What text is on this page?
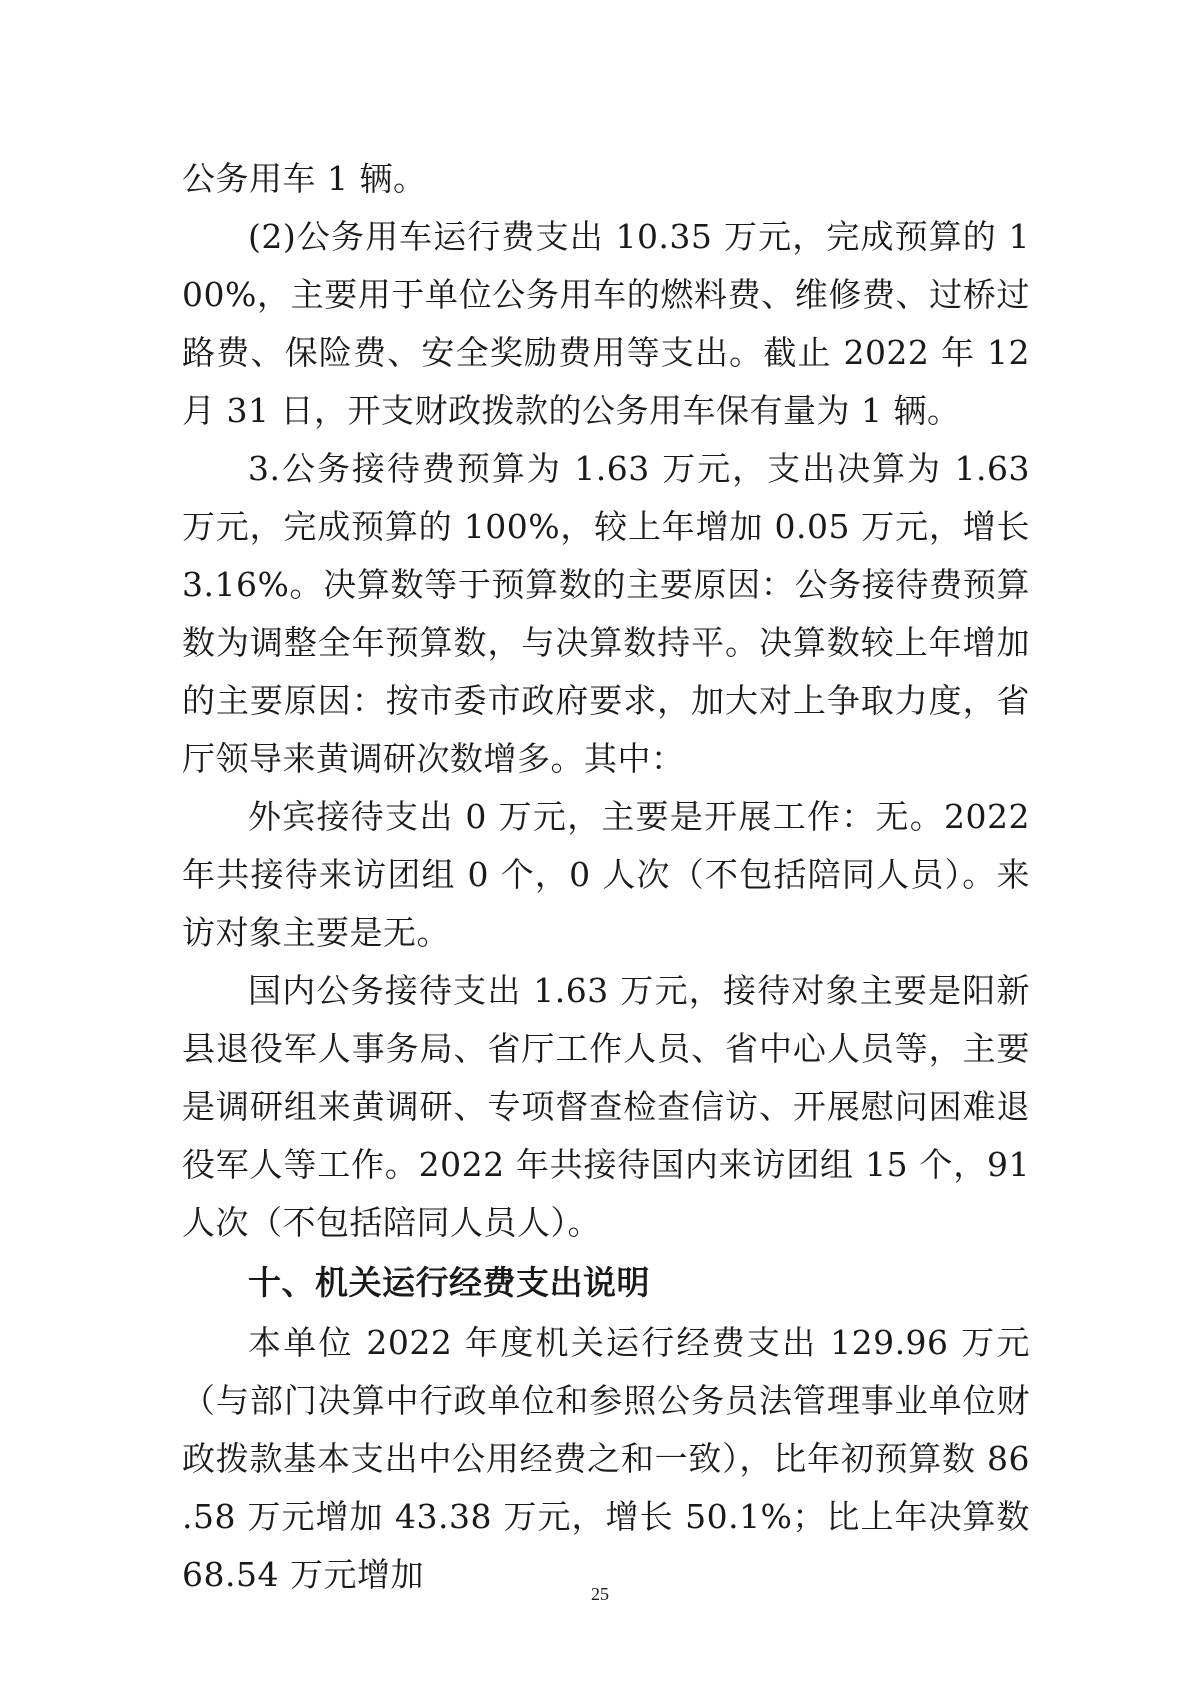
公务用车 1 辆。

(2)公务用车运行费支出 10.35 万元，完成预算的 100%，主要用于单位公务用车的燃料费、维修费、过桥过路费、保险费、安全奖励费用等支出。截止 2022 年 12 月 31 日，开支财政拨款的公务用车保有量为 1 辆。

3.公务接待费预算为 1.63 万元，支出决算为 1.63 万元，完成预算的 100%，较上年增加 0.05 万元，增长 3.16%。决算数等于预算数的主要原因：公务接待费预算数为调整全年预算数，与决算数持平。决算数较上年增加的主要原因：按市委市政府要求，加大对上争取力度，省厅领导来黄调研次数增多。其中：

外宾接待支出 0 万元，主要是开展工作：无。2022 年共接待来访团组 0 个，0 人次（不包括陪同人员）。来访对象主要是无。

国内公务接待支出 1.63 万元，接待对象主要是阳新县退役军人事务局、省厅工作人员、省中心人员等，主要是调研组来黄调研、专项督查检查信访、开展慰问困难退役军人等工作。2022 年共接待国内来访团组 15 个，91 人次（不包括陪同人员人）。

十、机关运行经费支出说明

本单位 2022 年度机关运行经费支出 129.96 万元（与部门决算中行政单位和参照公务员法管理事业单位财政拨款基本支出中公用经费之和一致），比年初预算数 86.58 万元增加 43.38 万元，增长 50.1%；比上年决算数 68.54 万元增加	25
